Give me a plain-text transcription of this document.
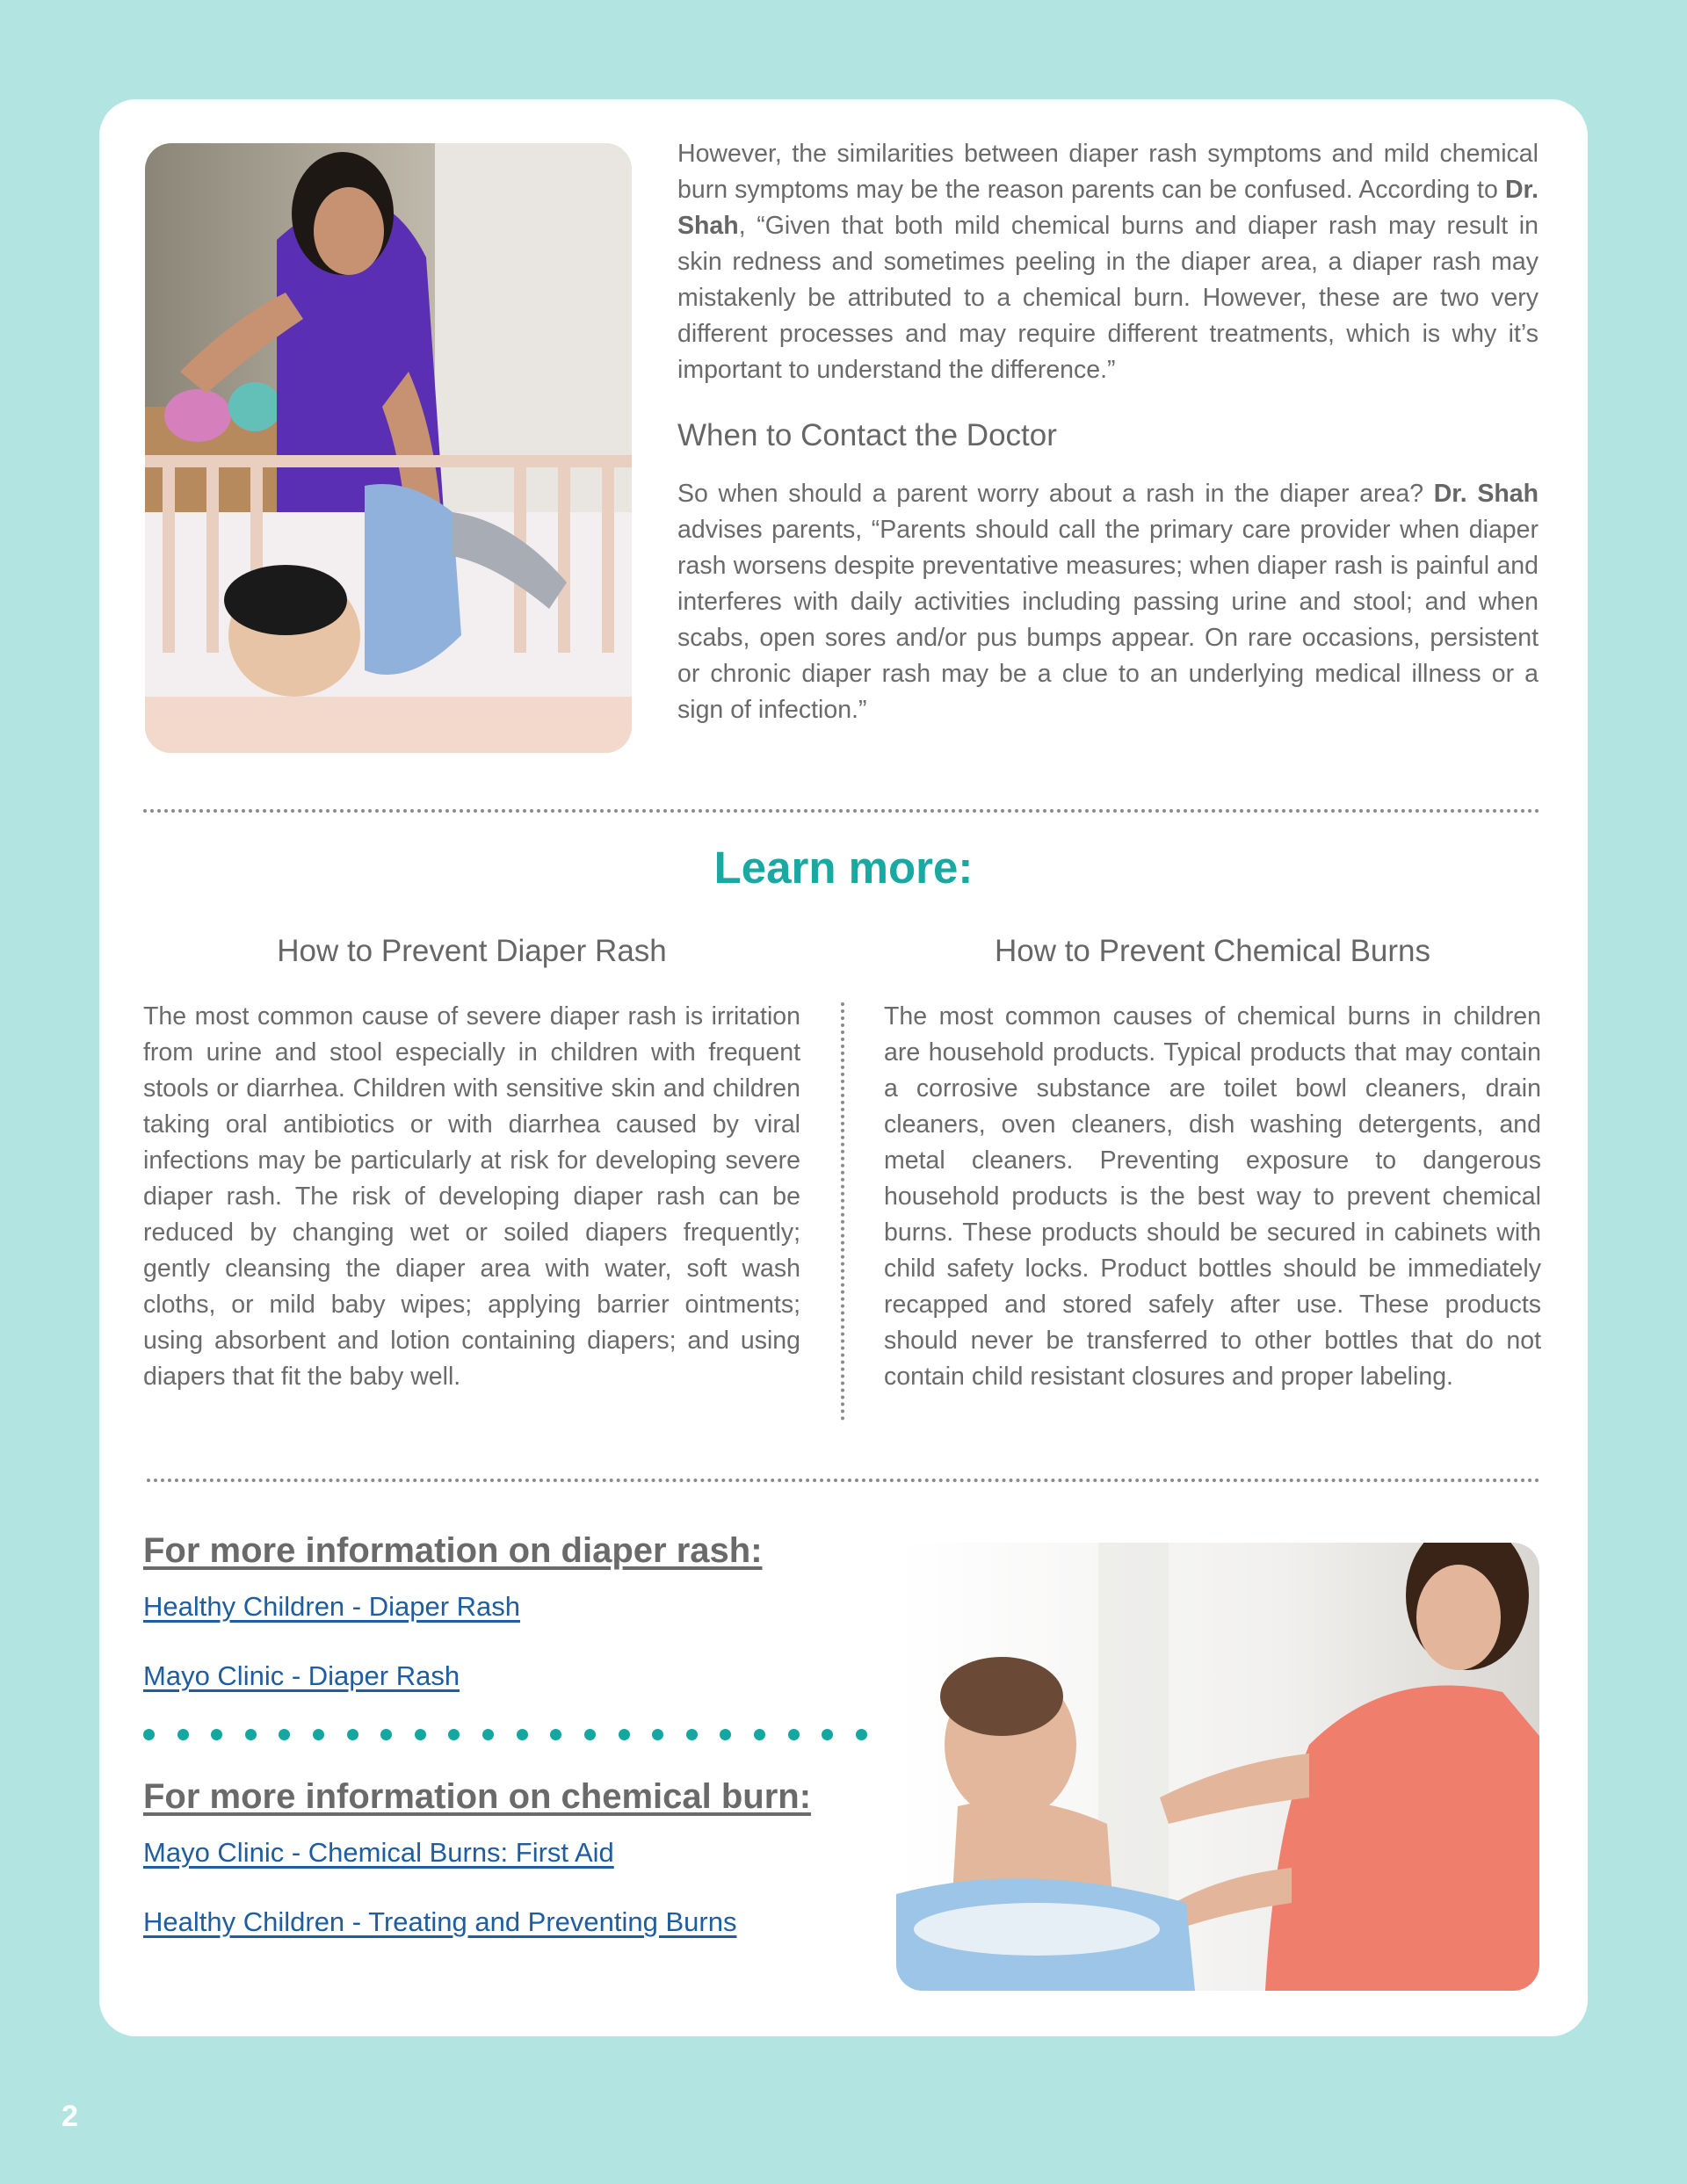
However, the similarities between diaper rash symptoms and mild chemical burn symptoms may be the reason parents can be confused. According to Dr. Shah, “Given that both mild chemical burns and diaper rash may result in skin redness and sometimes peeling in the diaper area, a diaper rash may mistakenly be attributed to a chemical burn. However, these are two very different processes and may require different treatments, which is why it’s important to understand the difference.”

When to Contact the Doctor

So when should a parent worry about a rash in the diaper area? Dr. Shah advises parents, “Parents should call the primary care provider when diaper rash worsens despite preventative measures; when diaper rash is painful and interferes with daily activities including passing urine and stool; and when scabs, open sores and/or pus bumps appear. On rare occasions, persistent or chronic diaper rash may be a clue to an underlying medical illness or a sign of infection.”

Learn more:
How to Prevent Diaper Rash

The most common cause of severe diaper rash is irritation from urine and stool especially in children with frequent stools or diarrhea. Children with sensitive skin and children taking oral antibiotics or with diarrhea caused by viral infections may be particularly at risk for developing severe diaper rash. The risk of developing diaper rash can be reduced by changing wet or soiled diapers frequently; gently cleansing the diaper area with water, soft wash cloths, or mild baby wipes; applying barrier ointments; using absorbent and lotion containing diapers; and using diapers that fit the baby well.

How to Prevent Chemical Burns

The most common causes of chemical burns in children are household products. Typical products that may contain a corrosive substance are toilet bowl cleaners, drain cleaners, oven cleaners, dish washing detergents, and metal cleaners. Preventing exposure to dangerous household products is the best way to prevent chemical burns. These products should be secured in cabinets with child safety locks. Product bottles should be immediately recapped and stored safely after use. These products should never be transferred to other bottles that do not contain child resistant closures and proper labeling.

For more information on diaper rash:
Healthy Children - Diaper Rash
Mayo Clinic - Diaper Rash
For more information on chemical burn:
Mayo Clinic - Chemical Burns: First Aid
Healthy Children - Treating and Preventing Burns
2
